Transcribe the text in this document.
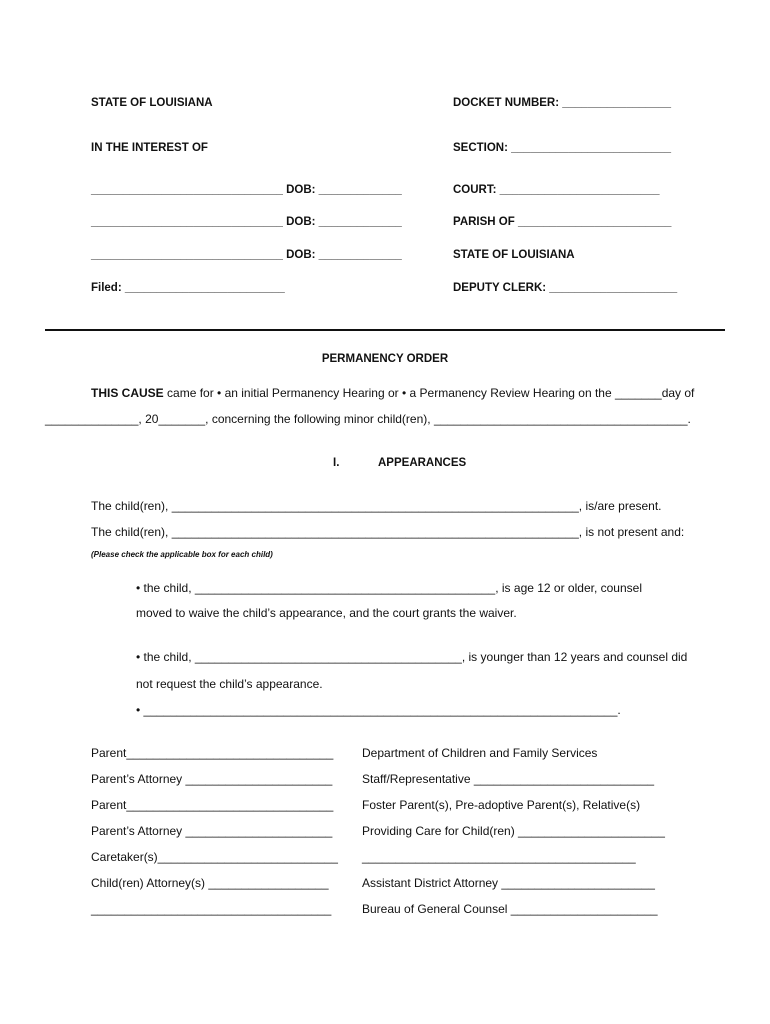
STATE OF LOUISIANA
IN THE INTEREST OF
______________________________ DOB: _____________
______________________________ DOB: _____________
______________________________ DOB: _____________
Filed: _________________________
DOCKET NUMBER: _________________
SECTION: _________________________
COURT: _________________________
PARISH OF ________________________
STATE OF LOUISIANA
DEPUTY CLERK: ____________________
PERMANENCY ORDER
THIS CAUSE came for • an initial Permanency Hearing or • a Permanency Review Hearing on the _______day of
______________, 20_______, concerning the following minor child(ren), ______________________________________.
I.	APPEARANCES
The child(ren), _____________________________________________________________, is/are present.
The child(ren), _____________________________________________________________, is not present and:
(Please check the applicable box for each child)
• the child, _____________________________________________, is age 12 or older, counsel
moved to waive the child’s appearance, and the court grants the waiver.
• the child, ________________________________________, is younger than 12 years and counsel did
not request the child’s appearance.
• _______________________________________________________________________.
Parent_______________________________
Parent’s Attorney ______________________
Parent_______________________________
Parent’s Attorney ______________________
Caretaker(s)___________________________
Child(ren) Attorney(s) __________________
____________________________________
Department of Children and Family Services
Staff/Representative ___________________________
Foster Parent(s), Pre-adoptive Parent(s), Relative(s)
Providing Care for Child(ren) ______________________
_________________________________________
Assistant District Attorney _______________________
Bureau of General Counsel ______________________
